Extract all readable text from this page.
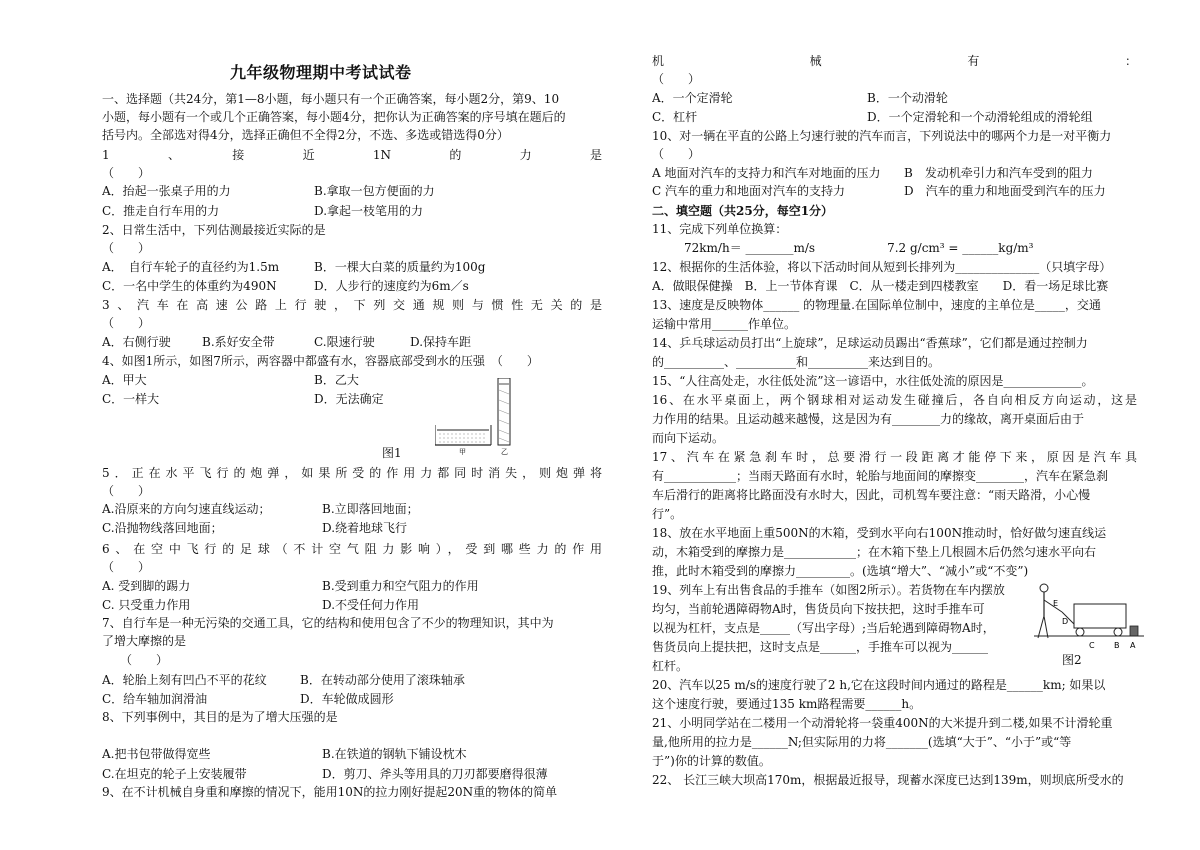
九年级物理期中考试试卷
一、选择题（共24分，第1—8小题，每小题只有一个正确答案，每小题2分，第9、10
小题，每小题有一个或几个正确答案，每小题4分，把你认为正确答案的序号填在题后的
括号内。全部选对得4分，选择正确但不全得2分，不选、多选或错选得0分）
1　、　接　近　1N　的　力　是
（　　）
A．抬起一张桌子用的力	B.拿取一包方便面的力
C．推走自行车用的力	D.拿起一枝笔用的力
2、日常生活中，下列估测最接近实际的是
（　　）
A．　自行车轮子的直径约为1.5m	B．一棵大白菜的质量约为100g
C．一名中学生的体重约为490N	D．人步行的速度约为6m／s
3、汽车在高速公路上行驶，下列交通规则与惯性无关的是
（　　）
A．右侧行驶	B.系好安全带	C.限速行驶	D.保持车距
4、如图1所示，如图7所示，两容器中都盛有水，容器底部受到水的压强　（　　）
A．甲大	B．乙大
C．一样大	D．无法确定
甲	乙
图1
5．正在水平飞行的炮弹，如果所受的作用力都同时消失，则炮弹将
（　　）
A.沿原来的方向匀速直线运动；	B.立即落回地面；
C.沿抛物线落回地面；	D.绕着地球飞行
6、在空中飞行的足球（不计空气阻力影响），受到哪些力的作用
（　　）
A. 受到脚的踢力	B.受到重力和空气阻力的作用
C. 只受重力作用	D.不受任何力作用
7、自行车是一种无污染的交通工具，它的结构和使用包含了不少的物理知识，其中为
了增大摩擦的是
（　　）
A．轮胎上刻有凹凸不平的花纹	B．在转动部分使用了滚珠轴承
C．给车轴加润滑油	D．车轮做成圆形
8、下列事例中，其目的是为了增大压强的是
A.把书包带做得宽些	B.在铁道的钢轨下铺设枕木
C.在坦克的轮子上安装履带	D．剪刀、斧头等用具的刀刃都要磨得很薄
9、在不计机械自身重和摩擦的情况下，能用10N的拉力刚好提起20N重的物体的简单
机　　　械　　　有　　　：
（　　）
A．一个定滑轮	B．一个动滑轮
C．杠杆	D．一个定滑轮和一个动滑轮组成的滑轮组
10、对一辆在平直的公路上匀速行驶的汽车而言，下列说法中的哪两个力是一对平衡力
（　　）
A 地面对汽车的支持力和汽车对地面的压力 B　发动机牵引力和汽车受到的阻力
C 汽车的重力和地面对汽车的支持力	D　汽车的重力和地面受到汽车的压力
二、填空题（共25分，每空1分）
11、完成下列单位换算：
72km/h＝ ________m/s　　　　　　7.2 g/cm³ = ______kg/m³
12、根据你的生活体验，将以下活动时间从短到长排列为______________（只填字母）
A．做眼保健操　B．上一节体育课　C．从一楼走到四楼教室　　D．看一场足球比赛
13、速度是反映物体______ 的物理量.在国际单位制中，速度的主单位是_____，交通
运输中常用______作单位。
14、乒乓球运动员打出“上旋球”，足球运动员踢出“香蕉球”，它们都是通过控制力
的__________、__________和__________来达到目的。
15、“人往高处走，水往低处流”这一谚语中，水往低处流的原因是_____________。
16、在水平桌面上，两个钢球相对运动发生碰撞后，各自向相反方向运动，这是
力作用的结果。且运动越来越慢，这是因为有________力的缘故，离开桌面后由于
而向下运动。
17、汽车在紧急刹车时，总要滑行一段距离才能停下来，原因是汽车具
有____________；当雨天路面有水时，轮胎与地面间的摩擦变________，汽车在紧急刹
车后滑行的距离将比路面没有水时大，因此，司机驾车要注意：“雨天路滑，小心慢
行”。
18、放在水平地面上重500N的木箱，受到水平向右100N推动时，恰好做匀速直线运
动，木箱受到的摩擦力是____________；在木箱下垫上几根圆木后仍然匀速水平向右
推，此时木箱受到的摩擦力_________。(选填“增大”、“减小”或“不变”)
19、列车上有出售食品的手推车（如图2所示）。若货物在车内摆放
均匀，当前轮遇障碍物A时，售货员向下按扶把，这时手推车可
以视为杠杆，支点是_____（写出字母）;当后轮遇到障碍物A时，
售货员向上提扶把，这时支点是______，手推车可以视为______
杠杆。
E
D
C B A
图2
20、汽车以25 m/s的速度行驶了2 h,它在这段时间内通过的路程是______km; 如果以
这个速度行驶，要通过135 km路程需要______h。
21、小明同学站在二楼用一个动滑轮将一袋重400N的大米提升到二楼,如果不计滑轮重
量,他所用的拉力是______N;但实际用的力将_______(选填“大于”、“小于”或“等
于”)你的计算的数值。
22、 长江三峡大坝高170m，根据最近报导，现蓄水深度已达到139m，则坝底所受水的
